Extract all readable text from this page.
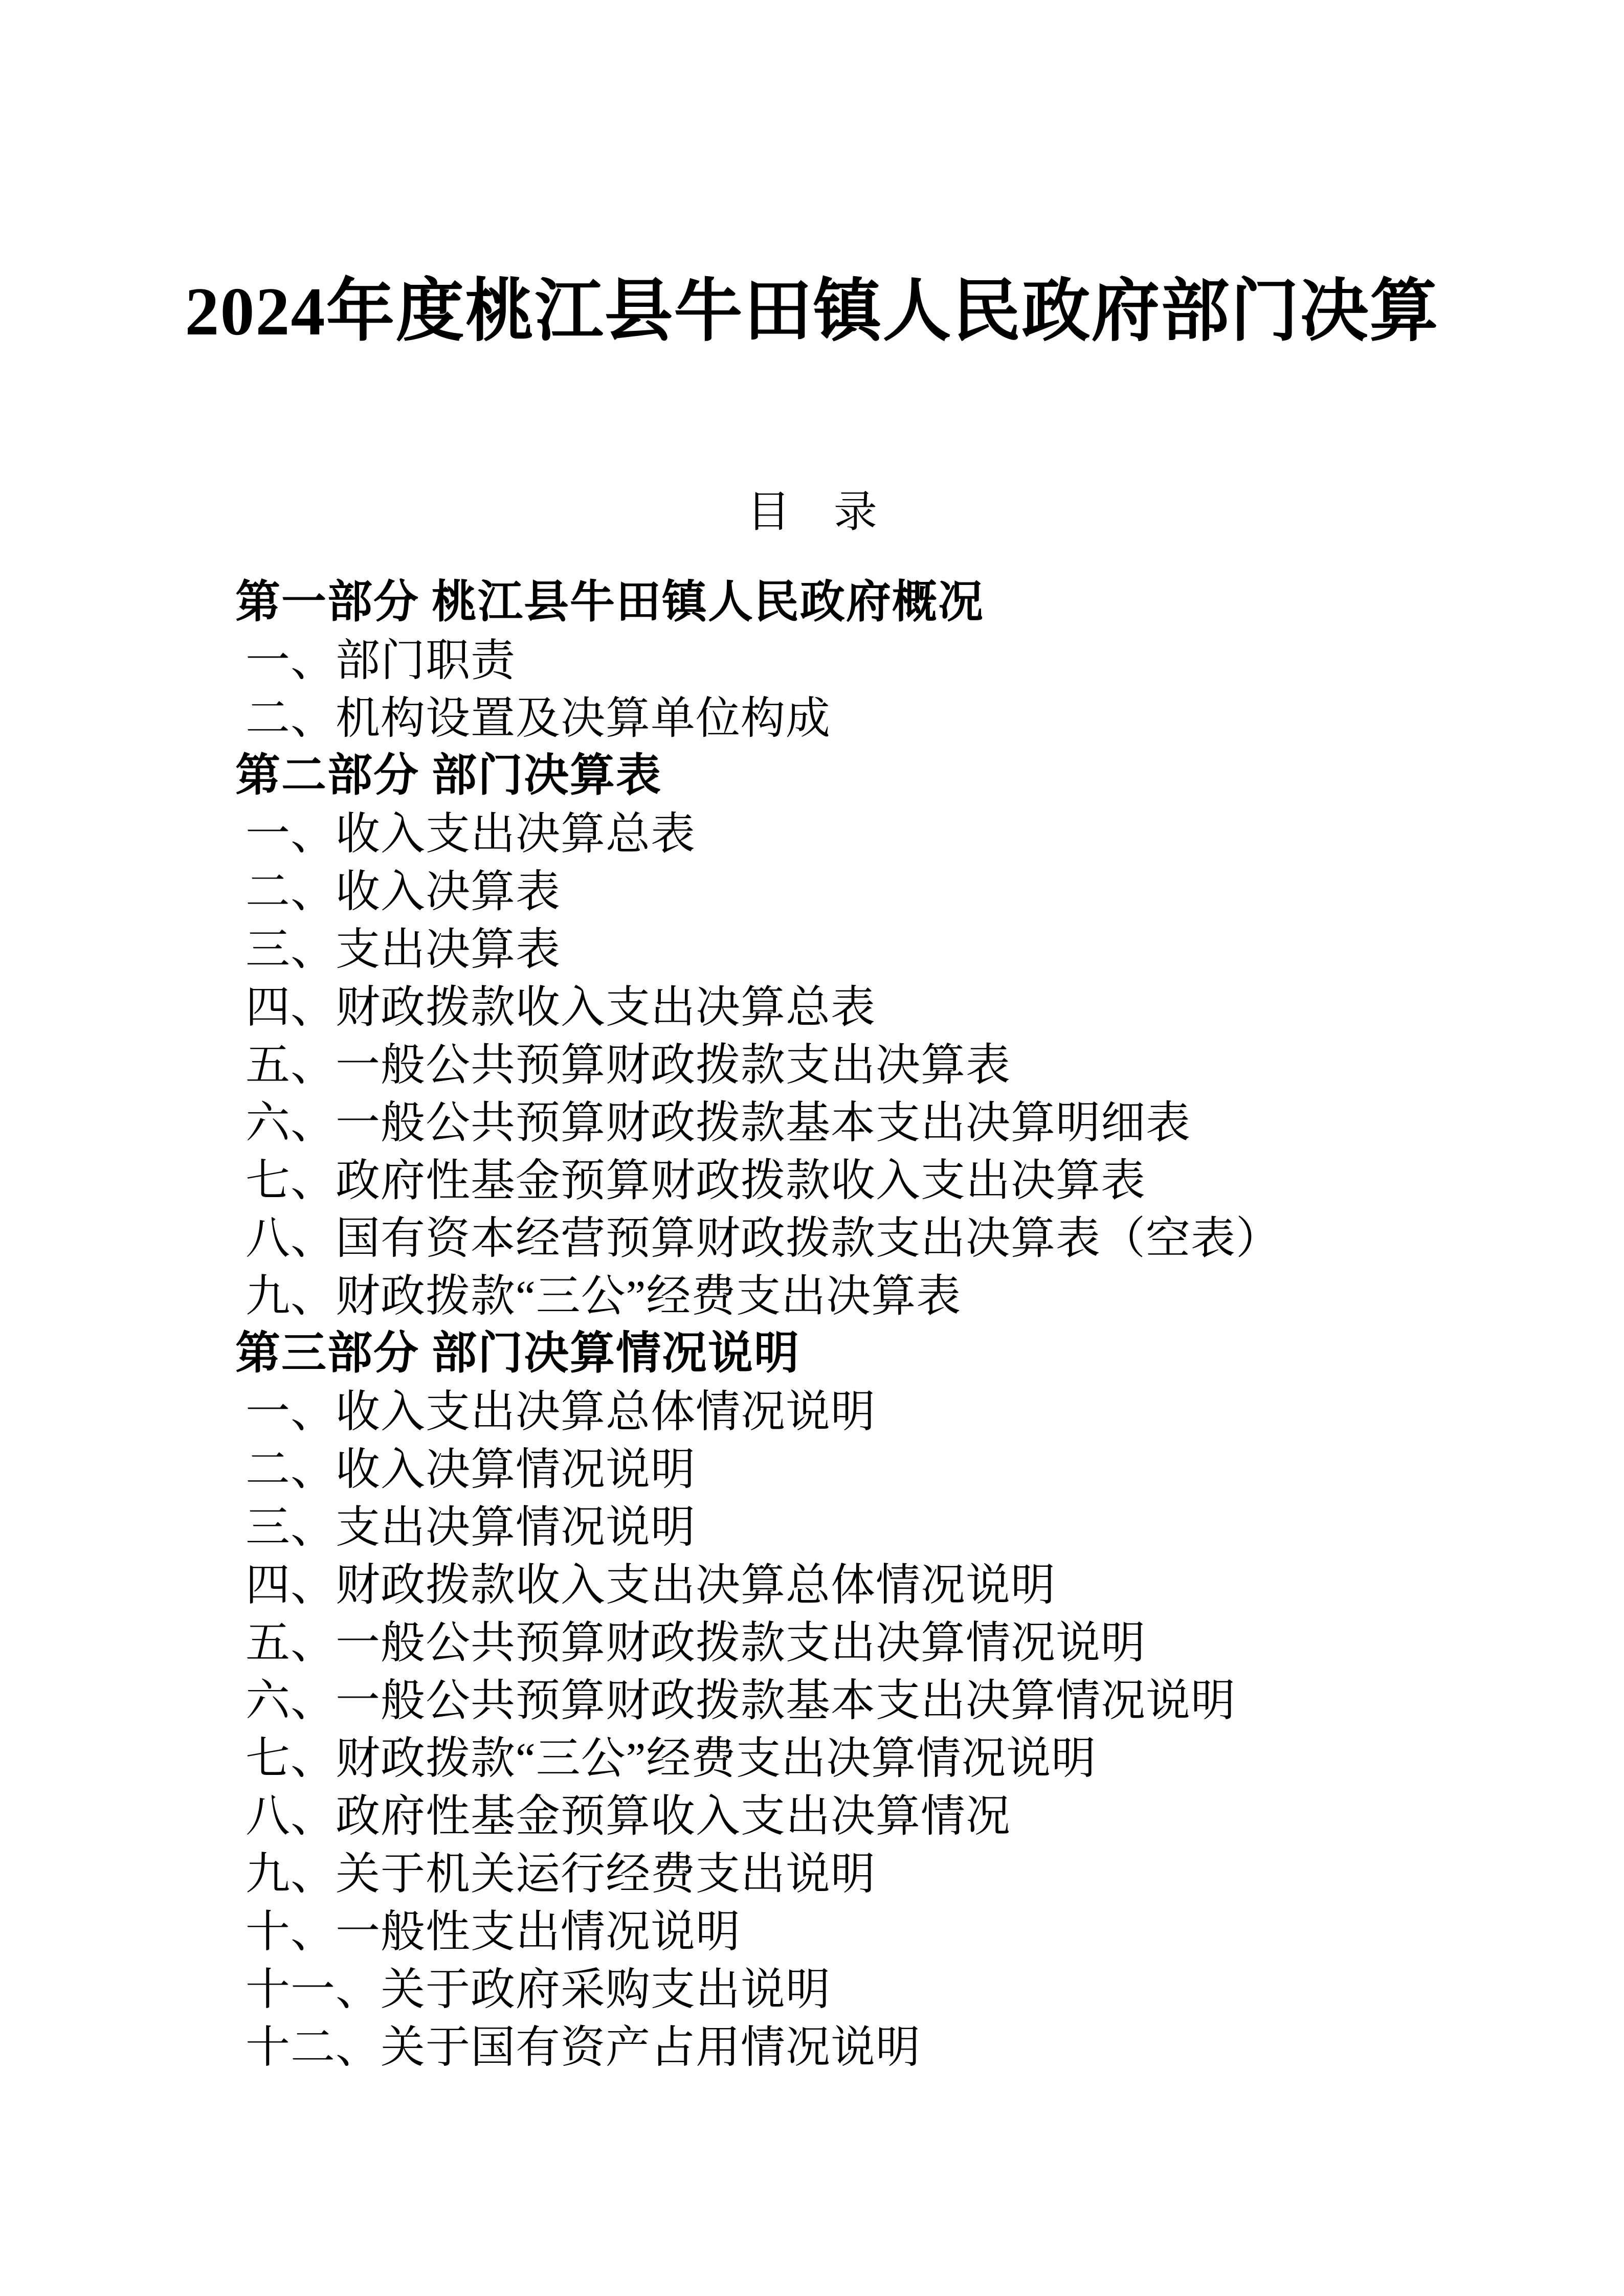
2024年度桃江县牛田镇人民政府部门决算
目　录
第一部分 桃江县牛田镇人民政府概况
一、部门职责
二、机构设置及决算单位构成
第二部分 部门决算表
一、收入支出决算总表
二、收入决算表
三、支出决算表
四、财政拨款收入支出决算总表
五、一般公共预算财政拨款支出决算表
六、一般公共预算财政拨款基本支出决算明细表
七、政府性基金预算财政拨款收入支出决算表
八、国有资本经营预算财政拨款支出决算表（空表）
九、财政拨款“三公”经费支出决算表
第三部分 部门决算情况说明
一、收入支出决算总体情况说明
二、收入决算情况说明
三、支出决算情况说明
四、财政拨款收入支出决算总体情况说明
五、一般公共预算财政拨款支出决算情况说明
六、一般公共预算财政拨款基本支出决算情况说明
七、财政拨款“三公”经费支出决算情况说明
八、政府性基金预算收入支出决算情况
九、关于机关运行经费支出说明
十、一般性支出情况说明
十一、关于政府采购支出说明
十二、关于国有资产占用情况说明
